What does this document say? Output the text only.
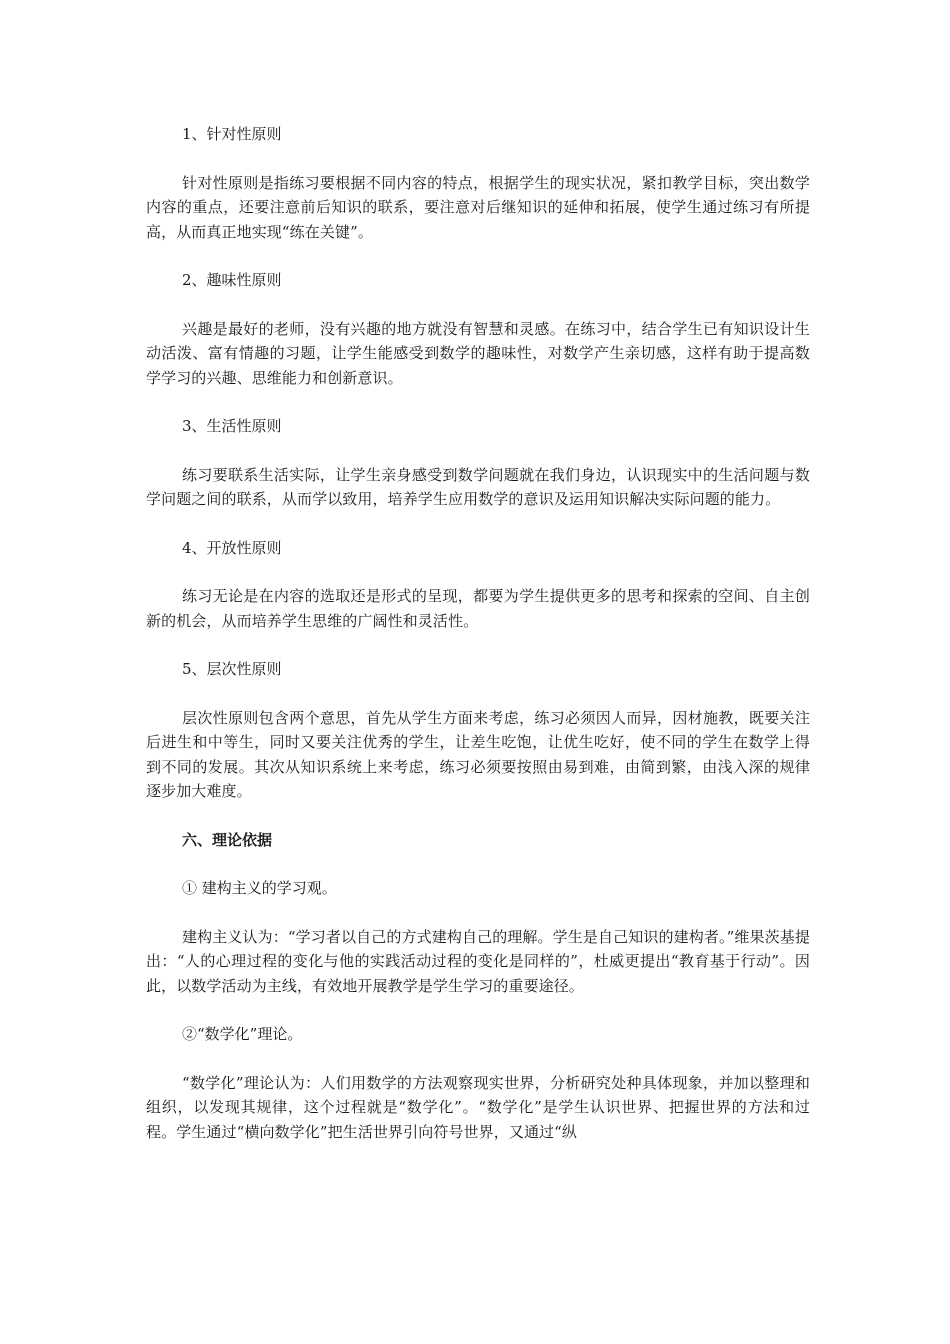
1、针对性原则

针对性原则是指练习要根据不同内容的特点，根据学生的现实状况，紧扣教学目标，突出数学内容的重点，还要注意前后知识的联系，要注意对后继知识的延伸和拓展，使学生通过练习有所提高，从而真正地实现“练在关键”。

2、趣味性原则

兴趣是最好的老师，没有兴趣的地方就没有智慧和灵感。在练习中，结合学生已有知识设计生动活泼、富有情趣的习题，让学生能感受到数学的趣味性，对数学产生亲切感，这样有助于提高数学学习的兴趣、思维能力和创新意识。

3、生活性原则

练习要联系生活实际，让学生亲身感受到数学问题就在我们身边，认识现实中的生活问题与数学问题之间的联系，从而学以致用，培养学生应用数学的意识及运用知识解决实际问题的能力。

4、开放性原则

练习无论是在内容的选取还是形式的呈现，都要为学生提供更多的思考和探索的空间、自主创新的机会，从而培养学生思维的广阔性和灵活性。

5、层次性原则

层次性原则包含两个意思，首先从学生方面来考虑，练习必须因人而异，因材施教，既要关注后进生和中等生，同时又要关注优秀的学生，让差生吃饱，让优生吃好，使不同的学生在数学上得到不同的发展。其次从知识系统上来考虑，练习必须要按照由易到难，由简到繁，由浅入深的规律逐步加大难度。

六、理论依据

① 建构主义的学习观。

建构主义认为：“学习者以自己的方式建构自己的理解。学生是自己知识的建构者。”维果茨基提出：“人的心理过程的变化与他的实践活动过程的变化是同样的”，杜威更提出“教育基于行动”。因此，以数学活动为主线，有效地开展教学是学生学习的重要途径。

②“数学化”理论。

“数学化”理论认为：人们用数学的方法观察现实世界，分析研究处种具体现象，并加以整理和组织，以发现其规律，这个过程就是“数学化”。“数学化”是学生认识世界、把握世界的方法和过程。学生通过“横向数学化”把生活世界引向符号世界，又通过“纵
